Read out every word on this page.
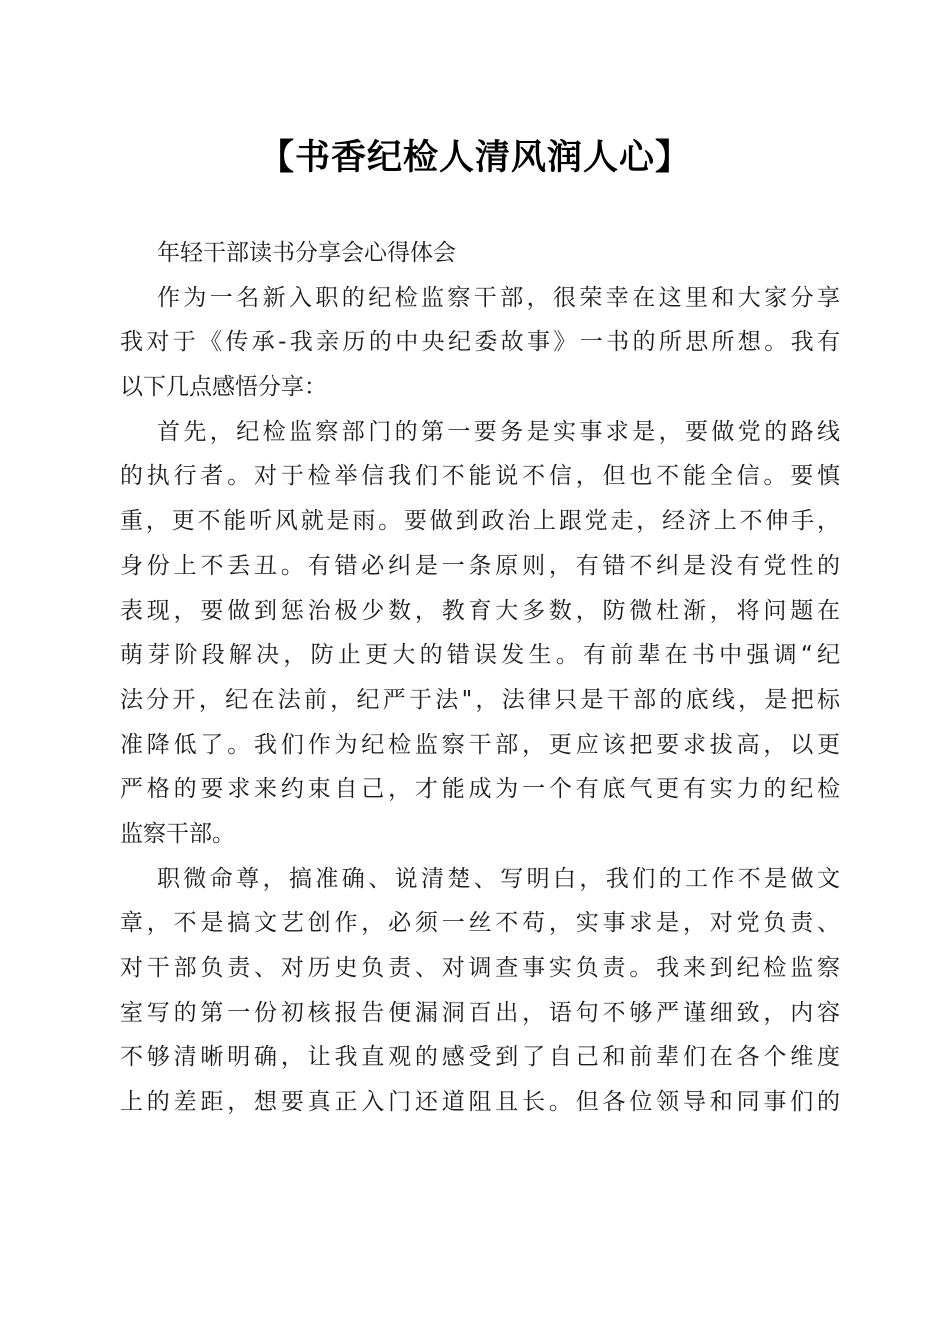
【书香纪检人清风润人心】
年轻干部读书分享会心得体会
作为一名新入职的纪检监察干部，很荣幸在这里和大家分享
我对于《传承-我亲历的中央纪委故事》一书的所思所想。我有
以下几点感悟分享：
首先，纪检监察部门的第一要务是实事求是，要做党的路线
的执行者。对于检举信我们不能说不信，但也不能全信。要慎
重，更不能听风就是雨。要做到政治上跟党走，经济上不伸手，
身份上不丢丑。有错必纠是一条原则，有错不纠是没有党性的
表现，要做到惩治极少数，教育大多数，防微杜渐，将问题在
萌芽阶段解决，防止更大的错误发生。有前辈在书中强调“纪
法分开，纪在法前，纪严于法"，法律只是干部的底线，是把标
准降低了。我们作为纪检监察干部，更应该把要求拔高，以更
严格的要求来约束自己，才能成为一个有底气更有实力的纪检
监察干部。
职微命尊，搞准确、说清楚、写明白，我们的工作不是做文
章，不是搞文艺创作，必须一丝不苟，实事求是，对党负责、
对干部负责、对历史负责、对调查事实负责。我来到纪检监察
室写的第一份初核报告便漏洞百出，语句不够严谨细致，内容
不够清晰明确，让我直观的感受到了自己和前辈们在各个维度
上的差距，想要真正入门还道阻且长。但各位领导和同事们的
